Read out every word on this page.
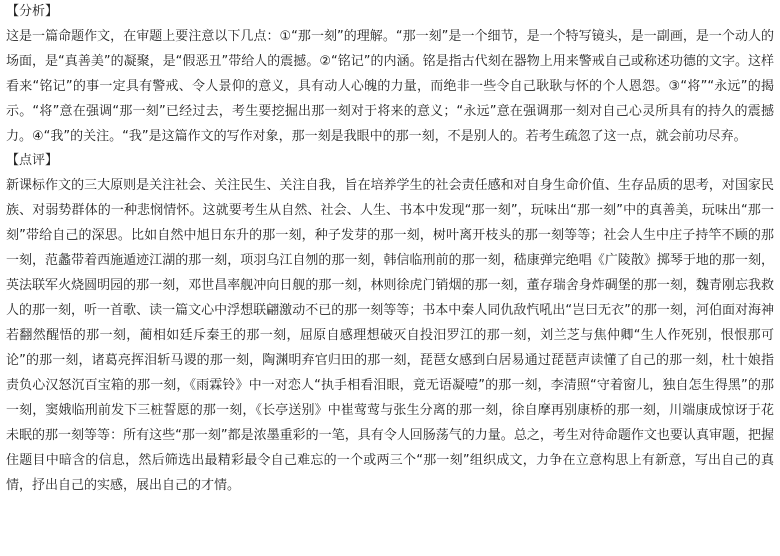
【分析】

这是一篇命题作文，在审题上要注意以下几点：①“那一刻”的理解。“那一刻”是一个细节，是一个特写镜头，是一副画，是一个动人的场面，是“真善美”的凝聚，是“假恶丑”带给人的震撼。②“铭记”的内涵。铭是指古代刻在器物上用来警戒自己或称述功德的文字。这样看来“铭记”的事一定具有警戒、令人景仰的意义，具有动人心魄的力量，而绝非一些令自己耿耿与怀的个人恩怨。③“将”“永远”的揭示。“将”意在强调“那一刻”已经过去，考生要挖掘出那一刻对于将来的意义；“永远”意在强调那一刻对自己心灵所具有的持久的震撼力。④“我”的关注。“我”是这篇作文的写作对象，那一刻是我眼中的那一刻，不是别人的。若考生疏忽了这一点，就会前功尽弃。

【点评】

新课标作文的三大原则是关注社会、关注民生、关注自我，旨在培养学生的社会责任感和对自身生命价值、生存品质的思考，对国家民族、对弱势群体的一种悲悯情怀。这就要考生从自然、社会、人生、书本中发现“那一刻”，玩味出“那一刻”中的真善美，玩味出“那一刻”带给自己的深思。比如自然中旭日东升的那一刻，种子发芽的那一刻，树叶离开枝头的那一刻等等；社会人生中庄子持竿不顾的那一刻，范蠡带着西施遁迹江湖的那一刻，项羽乌江自刎的那一刻，韩信临刑前的那一刻，嵇康弹完绝唱《广陵散》掷琴于地的那一刻，英法联军火烧圆明园的那一刻，邓世昌率舰冲向日舰的那一刻，林则徐虎门销烟的那一刻，董存瑞舍身炸碉堡的那一刻，魏青刚忘我救人的那一刻，听一首歌、读一篇文心中浮想联翩激动不已的那一刻等等；书本中秦人同仇敌忾吼出“岂曰无衣”的那一刻，河伯面对海神若翻然醒悟的那一刻，蔺相如廷斥秦王的那一刻，屈原自感理想破灭自投汨罗江的那一刻，刘兰芝与焦仲卿“生人作死别，恨恨那可论”的那一刻，诸葛亮挥泪斩马谡的那一刻，陶渊明弃官归田的那一刻，琵琶女感到白居易通过琵琶声读懂了自己的那一刻，杜十娘指责负心汉怒沉百宝箱的那一刻，《雨霖铃》中一对恋人“执手相看泪眼，竟无语凝噎”的那一刻，李清照“守着窗儿，独自怎生得黑”的那一刻，窦娥临刑前发下三桩誓愿的那一刻，《长亭送别》中崔莺莺与张生分离的那一刻，徐自摩再别康桥的那一刻，川端康成惊讶于花未眠的那一刻等等：所有这些“那一刻”都是浓墨重彩的一笔，具有令人回肠荡气的力量。总之，考生对待命题作文也要认真审题，把握住题目中暗含的信息，然后筛选出最精彩最令自己难忘的一个或两三个“那一刻”组织成文，力争在立意构思上有新意，写出自己的真情，抒出自己的实感，展出自己的才情。
